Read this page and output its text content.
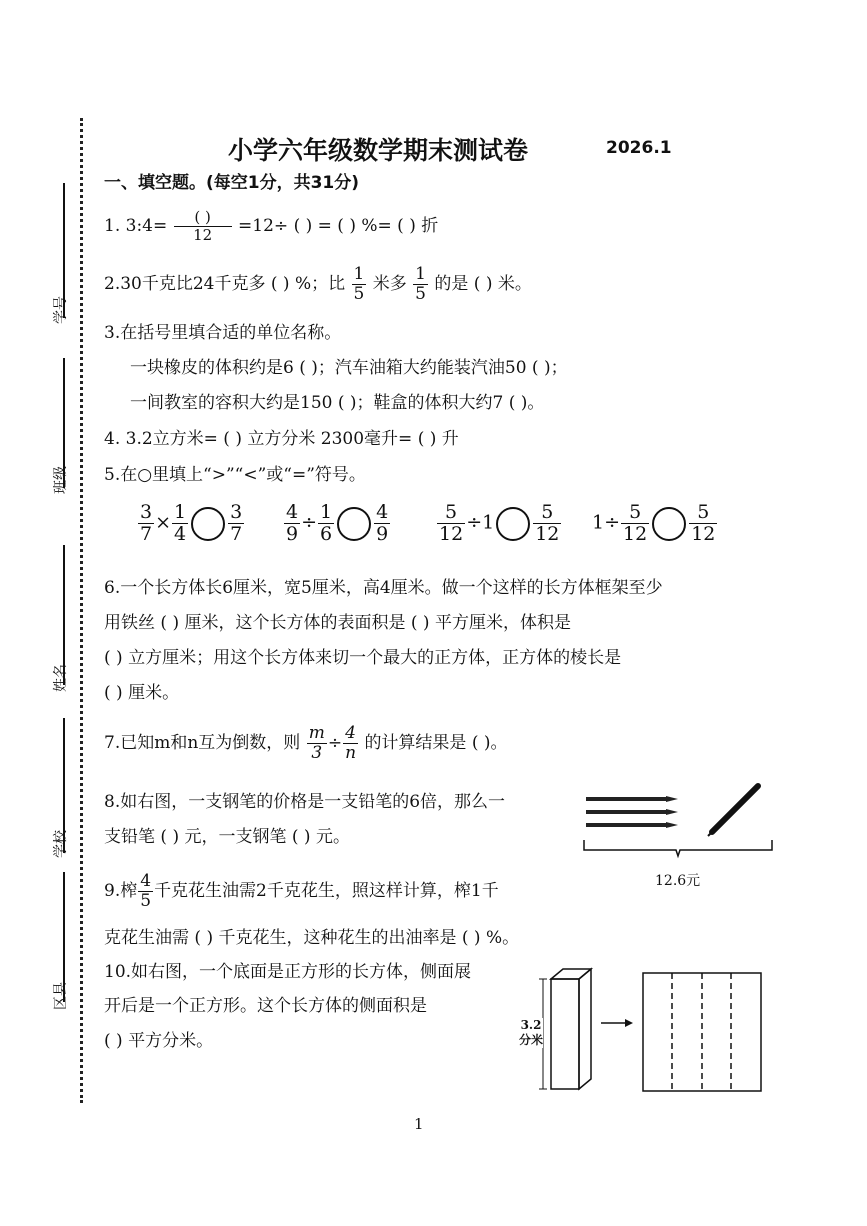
学号
班级
姓名
学校
区县
小学六年级数学期末测试卷	2026.1
一、填空题。(每空1分，共31分)
1. 3:4= $\frac{( )}{12} =12\div$ ( ) = ( ) %= ( ) 折
2.30千克比24千克多 ( ) %；比 $\frac{1}{5}$ 米多 $\frac{1}{5}$ 的是 ( ) 米。
3.在括号里填合适的单位名称。
一块橡皮的体积约是6 ( )；汽车油箱大约能装汽油50 ( )；
一间教室的容积大约是150 ( )；鞋盒的体积大约7 ( )。
4. 3.2立方米= ( ) 立方分米 2300毫升= ( ) 升
5.在○里填上“>”“<”或“=”符号。
$\frac{3}{7} \times \frac{1}{4} \frac{3}{7} \frac{4}{9} \div \frac{1}{6} \frac{4}{9} \frac{5}{12} \div 1 \frac{5}{12} 1\div \frac{5}{12} \frac{5}{12}$
6.一个长方体长6厘米，宽5厘米，高4厘米。做一个这样的长方体框架至少
用铁丝 ( ) 厘米，这个长方体的表面积是 ( ) 平方厘米，体积是
( ) 立方厘米；用这个长方体来切一个最大的正方体，正方体的棱长是
( ) 厘米。
7.已知m和n互为倒数，则 $\frac{m}{3} \div \frac{4}{n}$ 的计算结果是 ( )。
8.如右图，一支钢笔的价格是一支铅笔的6倍，那么一
支铅笔 ( ) 元，一支钢笔 ( ) 元。
12.6元
9.榨 $\frac{4}{5}$ 千克花生油需2千克花生，照这样计算，榨1千
克花生油需 ( ) 千克花生，这种花生的出油率是 ( ) %。
10.如右图，一个底面是正方形的长方体，侧面展
开后是一个正方形。这个长方体的侧面积是
( ) 平方分米。
3.2
分米
1
